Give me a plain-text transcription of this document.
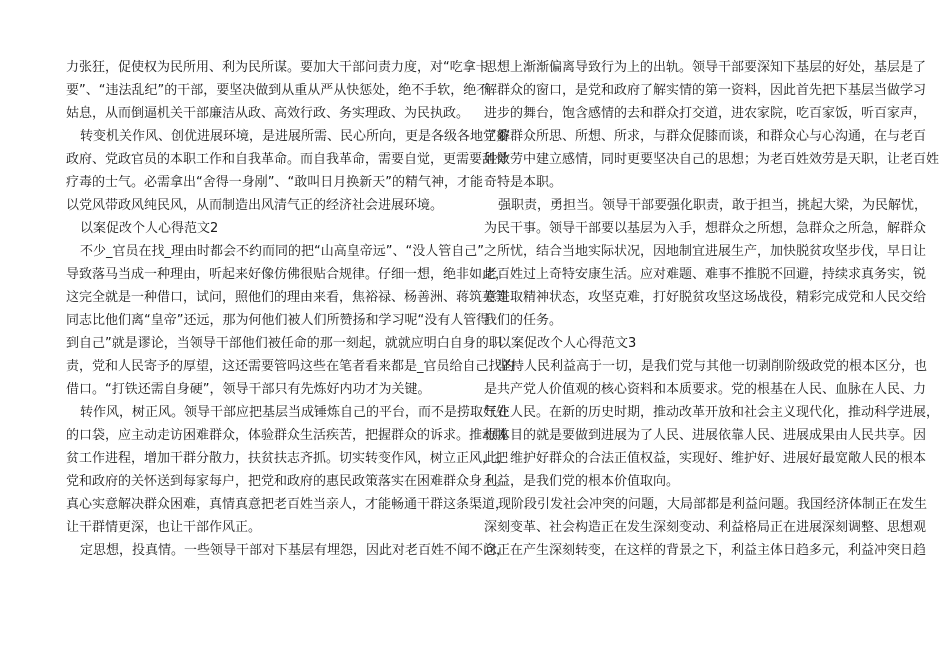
力张狂，促使权为民所用、利为民所谋。要加大干部问责力度，对“吃拿卡
要”、“违法乱纪”的干部，要坚决做到从重从严从快惩处，绝不手软，绝不
姑息，从而倒逼机关干部廉洁从政、高效行政、务实理政、为民执政。
转变机关作风、创优进展环境，是进展所需、民心所向，更是各级各地党委
政府、党政官员的本职工作和自我革命。而自我革命，需要自觉，更需要刮骨
疗毒的士气。必需拿出“舍得一身剐”、“敢叫日月换新天”的精气神，才能
以党风带政风纯民风，从而制造出风清气正的经济社会进展环境。
以案促改个人心得范文2
不少_官员在找_理由时都会不约而同的把“山高皇帝远”、“没人管自己”
导致落马当成一种理由，听起来好像仿佛很贴合规律。仔细一想，绝非如此，
这完全就是一种借口，试问，照他们的理由来看，焦裕禄、杨善洲、蒋筑英等
同志比他们离“皇帝”还远，那为何他们被人们所赞扬和学习呢“没有人管得
到自己”就是谬论，当领导干部他们被任命的那一刻起，就就应明白自身的职
责，党和人民寄予的厚望，这还需要管吗这些在笔者看来都是_官员给自己找的
借口。“打铁还需自身硬”，领导干部只有先炼好内功才为关键。
转作风，树正风。领导干部应把基层当成锤炼自己的平台，而不是捞取好处
的口袋，应主动走访困难群众，体验群众生活疾苦，把握群众的诉求。推动脱
贫工作进程，增加干群分散力，扶贫扶志齐抓。切实转变作风，树立正风，把
党和政府的关怀送到每家每户，把党和政府的惠民政策落实在困难群众身上。
真心实意解决群众困难，真情真意把老百姓当亲人，才能畅通干群这条渠道，
让干群情更深，也让干部作风正。
定思想，投真情。一些领导干部对下基层有埋怨，因此对老百姓不闻不问，
思想上渐渐偏离导致行为上的出轨。领导干部要深知下基层的好处，基层是了
解群众的窗口，是党和政府了解实情的第一资料，因此首先把下基层当做学习
进步的舞台，饱含感情的去和群众打交道，进农家院，吃百家饭，听百家声，
了解群众所思、所想、所求，与群众促膝而谈，和群众心与心沟通，在与老百
姓效劳中建立感情，同时更要坚决自己的思想；为老百姓效劳是天职，让老百姓
奇特是本职。
强职责，勇担当。领导干部要强化职责，敢于担当，挑起大梁，为民解忧，
为民干事。领导干部要以基层为入手，想群众之所想，急群众之所急，解群众
之所忧，结合当地实际状况，因地制宜进展生产，加快脱贫攻坚步伐，早日让
老百姓过上奇特安康生活。应对难题、难事不推脱不回避，持续求真务实，锐
意进取精神状态，攻坚克难，打好脱贫攻坚这场战役，精彩完成党和人民交给
我们的任务。
以案促改个人心得范文3
坚持人民利益高于一切，是我们党与其他一切剥削阶级政党的根本区分，也
是共产党人价值观的核心资料和本质要求。党的根基在人民、血脉在人民、力
气在人民。在新的历史时期，推动改革开放和社会主义现代化，推动科学进展，
根本目的就是要做到进展为了人民、进展依靠人民、进展成果由人民共享。因
此，维护好群众的合法正值权益，实现好、维护好、进展好最宽敞人民的根本
利益，是我们党的根本价值取向。
现阶段引发社会冲突的问题，大局部都是利益问题。我国经济体制正在发生
深刻变革、社会构造正在发生深刻变动、利益格局正在进展深刻调整、思想观
念正在产生深刻转变，在这样的背景之下，利益主体日趋多元，利益冲突日趋
